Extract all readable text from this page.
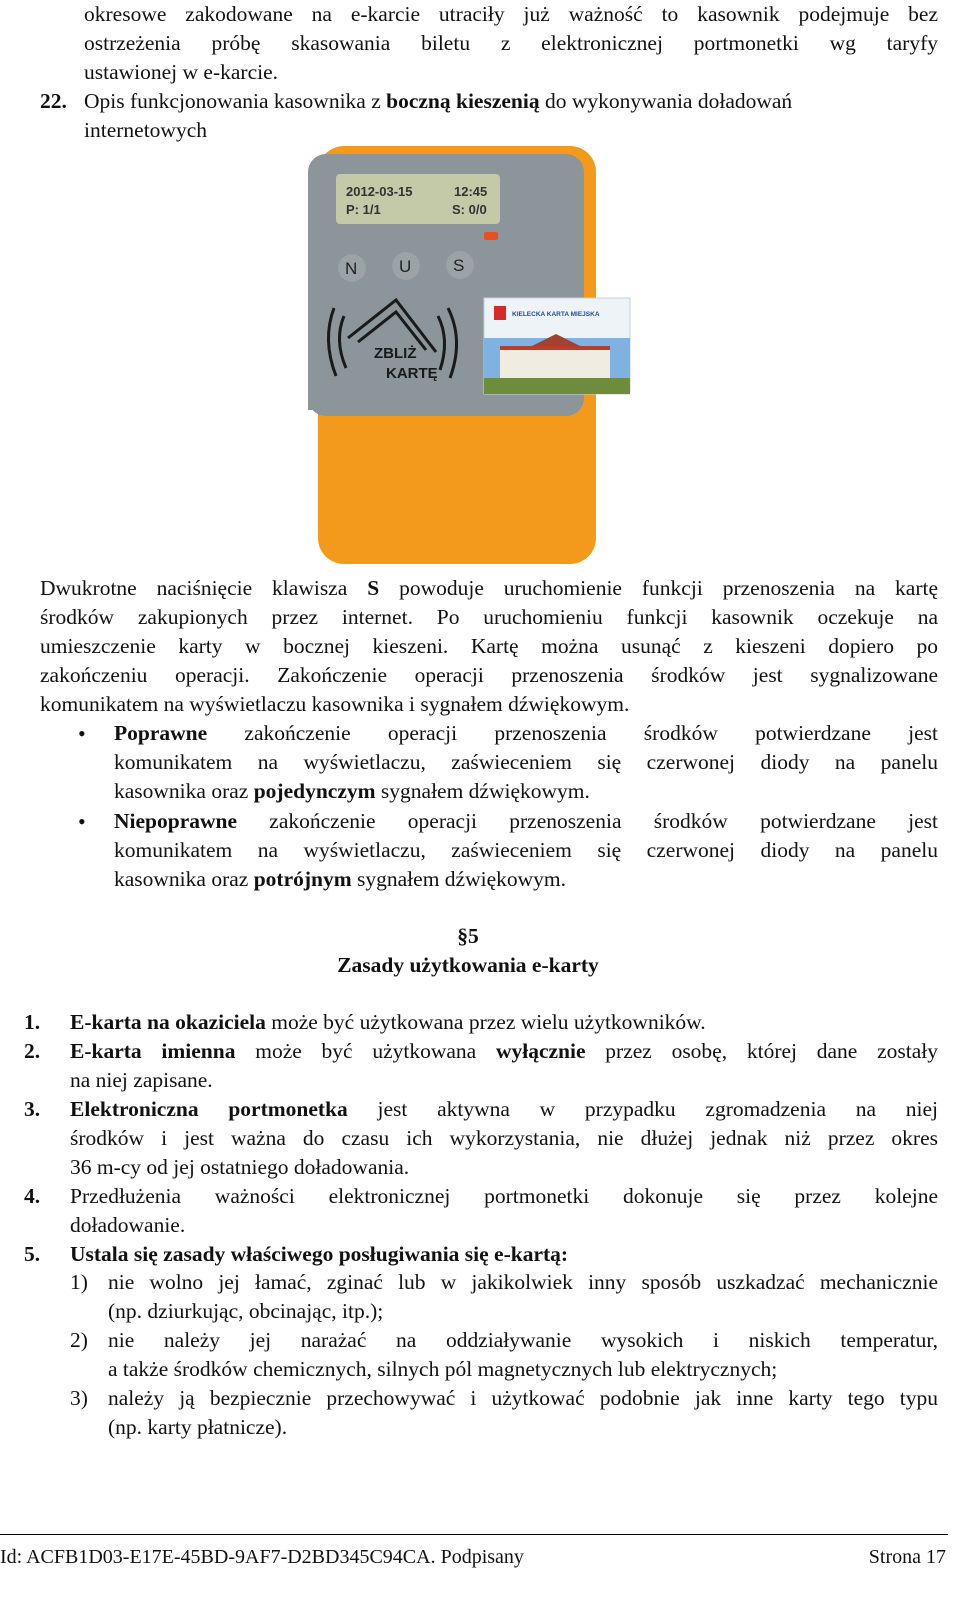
okresowe zakodowane na e-karcie utraciły już ważność to kasownik podejmuje bez
ostrzeżenia próbę skasowania biletu z elektronicznej portmonetki wg taryfy
ustawionej w e-karcie.
22. Opis funkcjonowania kasownika z boczną kieszenią do wykonywania doładowań
internetowych
2012-03-15	12:45
P: 1/1	S: 0/0
N U S
ZBLIŻ
KARTĘ
KIELECKA KARTA MIEJSKA
Dwukrotne naciśnięcie klawisza S powoduje uruchomienie funkcji przenoszenia na kartę
środków zakupionych przez internet. Po uruchomieniu funkcji kasownik oczekuje na
umieszczenie karty w bocznej kieszeni. Kartę można usunąć z kieszeni dopiero po
zakończeniu operacji. Zakończenie operacji przenoszenia środków jest sygnalizowane
komunikatem na wyświetlaczu kasownika i sygnałem dźwiękowym.
• Poprawne zakończenie operacji przenoszenia środków potwierdzane jest
komunikatem na wyświetlaczu, zaświeceniem się czerwonej diody na panelu
kasownika oraz pojedynczym sygnałem dźwiękowym.
• Niepoprawne zakończenie operacji przenoszenia środków potwierdzane jest
komunikatem na wyświetlaczu, zaświeceniem się czerwonej diody na panelu
kasownika oraz potrójnym sygnałem dźwiękowym.
§5
Zasady użytkowania e-karty
1. E-karta na okaziciela może być użytkowana przez wielu użytkowników.
2. E-karta imienna może być użytkowana wyłącznie przez osobę, której dane zostały
na niej zapisane.
3. Elektroniczna portmonetka jest aktywna w przypadku zgromadzenia na niej
środków i jest ważna do czasu ich wykorzystania, nie dłużej jednak niż przez okres
36 m-cy od jej ostatniego doładowania.
4. Przedłużenia ważności elektronicznej portmonetki dokonuje się przez kolejne
doładowanie.
5. Ustala się zasady właściwego posługiwania się e-kartą:
1) nie wolno jej łamać, zginać lub w jakikolwiek inny sposób uszkadzać mechanicznie
(np. dziurkując, obcinając, itp.);
2) nie należy jej narażać na oddziaływanie wysokich i niskich temperatur,
a także środków chemicznych, silnych pól magnetycznych lub elektrycznych;
3) należy ją bezpiecznie przechowywać i użytkować podobnie jak inne karty tego typu
(np. karty płatnicze).
Id: ACFB1D03-E17E-45BD-9AF7-D2BD345C94CA. Podpisany	Strona 17
